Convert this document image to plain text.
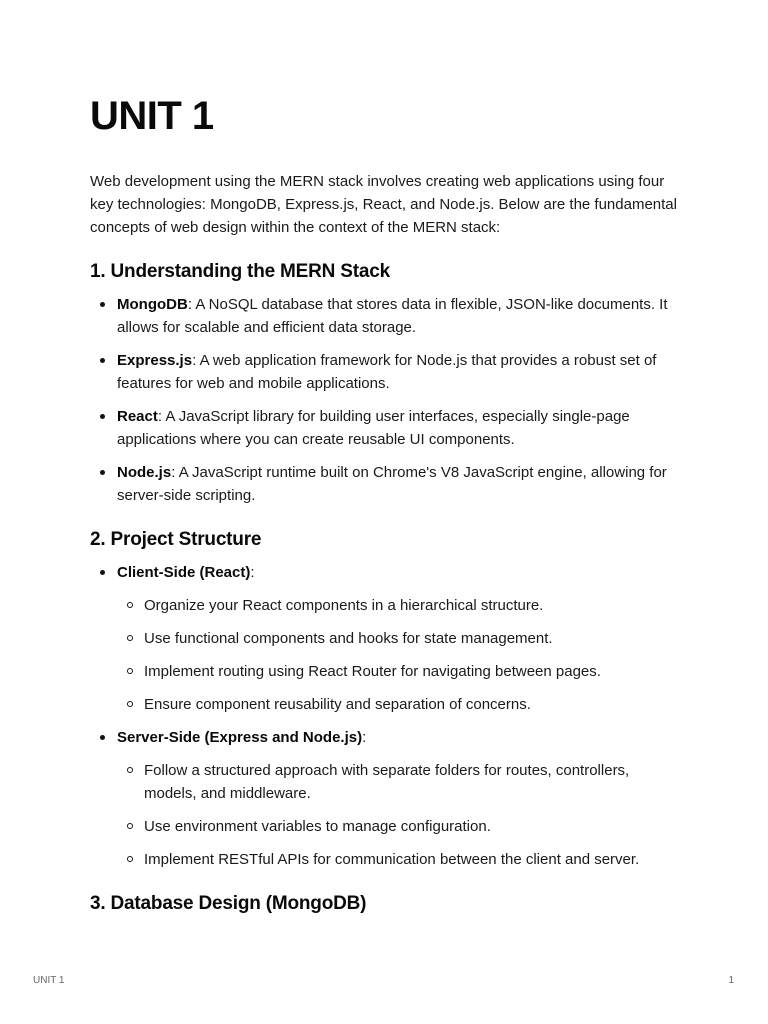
UNIT 1

Web development using the MERN stack involves creating web applications using four key technologies: MongoDB, Express.js, React, and Node.js. Below are the fundamental concepts of web design within the context of the MERN stack:

1. Understanding the MERN Stack
MongoDB: A NoSQL database that stores data in flexible, JSON-like documents. It allows for scalable and efficient data storage.
Express.js: A web application framework for Node.js that provides a robust set of features for web and mobile applications.
React: A JavaScript library for building user interfaces, especially single-page applications where you can create reusable UI components.
Node.js: A JavaScript runtime built on Chrome's V8 JavaScript engine, allowing for server-side scripting.
2. Project Structure
Client-Side (React):
Organize your React components in a hierarchical structure.
Use functional components and hooks for state management.
Implement routing using React Router for navigating between pages.
Ensure component reusability and separation of concerns.
Server-Side (Express and Node.js):
Follow a structured approach with separate folders for routes, controllers, models, and middleware.
Use environment variables to manage configuration.
Implement RESTful APIs for communication between the client and server.
3. Database Design (MongoDB)
UNIT 1	1
